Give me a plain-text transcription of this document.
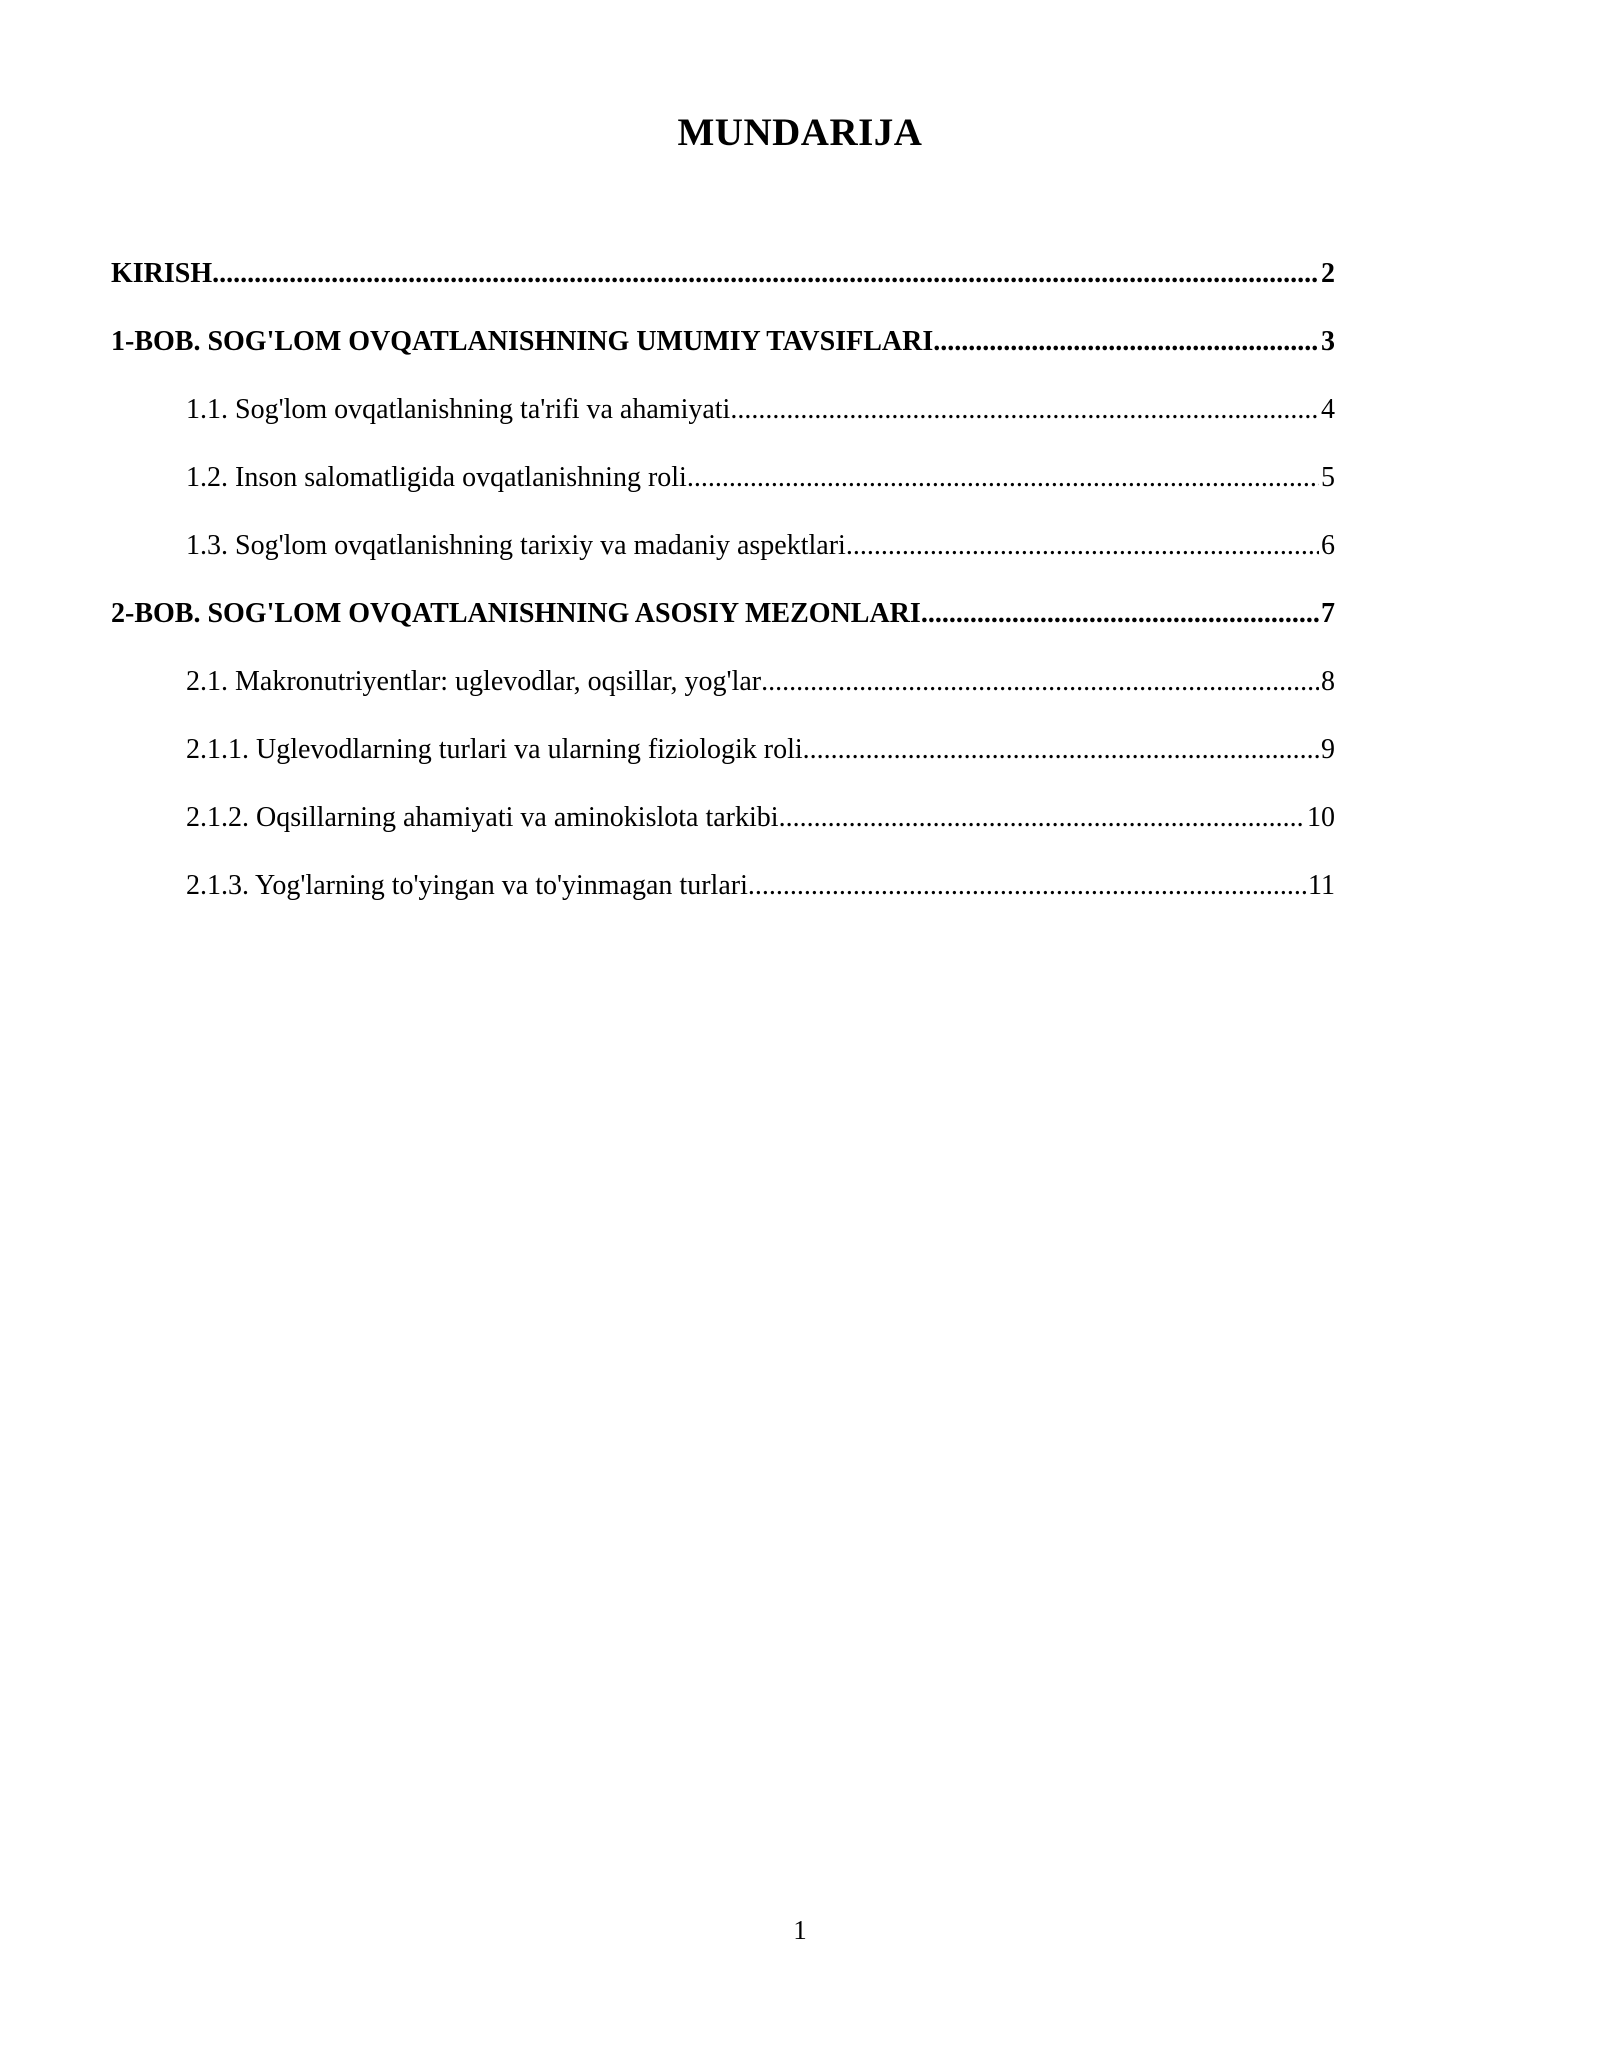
MUNDARIJA
KIRISH .....	2
1-BOB. SOG'LOM OVQATLANISHNING UMUMIY TAVSIFLARI .....	3
1.1. Sog'lom ovqatlanishning ta'rifi va ahamiyati .....	4
1.2. Inson salomatligida ovqatlanishning roli .....	5
1.3. Sog'lom ovqatlanishning tarixiy va madaniy aspektlari .....	6
2-BOB. SOG'LOM OVQATLANISHNING ASOSIY MEZONLARI .....	7
2.1. Makronutriyentlar: uglevodlar, oqsillar, yog'lar .....	8
2.1.1. Uglevodlarning turlari va ularning fiziologik roli .....	9
2.1.2. Oqsillarning ahamiyati va aminokislota tarkibi .....	10
2.1.3. Yog'larning to'yingan va to'yinmagan turlari .....	11
1
